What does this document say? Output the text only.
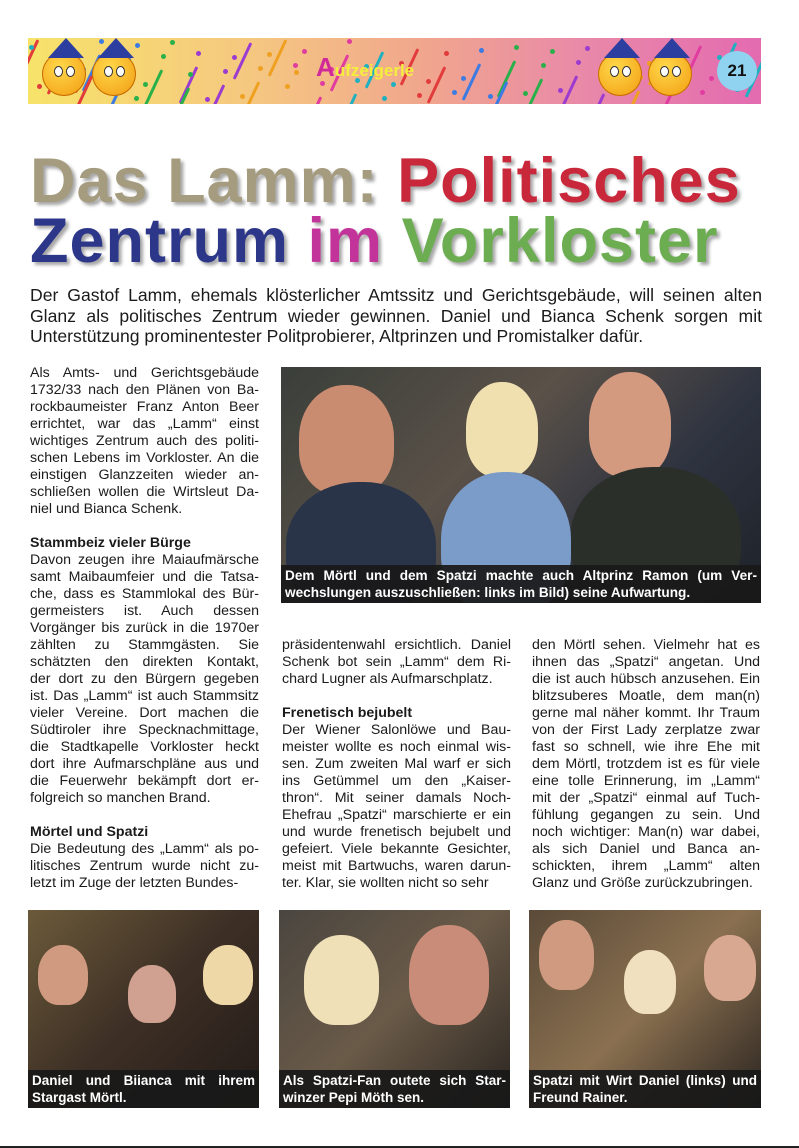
Aufzeigerle	21
Das Lamm: Politisches
Zentrum im Vorkloster
Der Gastof Lamm, ehemals klösterlicher Amtssitz und Gerichtsgebäude, will seinen alten
Glanz als politisches Zentrum wieder gewinnen. Daniel und Bianca Schenk sorgen mit
Unterstützung prominentester Politprobierer, Altprinzen und Promistalker dafür.
Als Amts- und Gerichtsgebäude
1732/33 nach den Plänen von Ba-
rockbaumeister Franz Anton Beer
errichtet, war das „Lamm“ einst
wichtiges Zentrum auch des politi-
schen Lebens im Vorkloster. An die
einstigen Glanzzeiten wieder an-
schließen wollen die Wirtsleut Da-
niel und Bianca Schenk.
Stammbeiz vieler Bürge
Davon zeugen ihre Maiaufmärsche
samt Maibaumfeier und die Tatsa-
che, dass es Stammlokal des Bür-
germeisters ist. Auch dessen
Vorgänger bis zurück in die 1970er
zählten zu Stammgästen. Sie
schätzten den direkten Kontakt,
der dort zu den Bürgern gegeben
ist. Das „Lamm“ ist auch Stammsitz
vieler Vereine. Dort machen die
Südtiroler ihre Specknachmittage,
die Stadtkapelle Vorkloster heckt
dort ihre Aufmarschpläne aus und
die Feuerwehr bekämpft dort er-
folgreich so manchen Brand.
Mörtel und Spatzi
Die Bedeutung des „Lamm“ als po-
litisches Zentrum wurde nicht zu-
letzt im Zuge der letzten Bundes-
präsidentenwahl ersichtlich. Daniel
Schenk bot sein „Lamm“ dem Ri-
chard Lugner als Aufmarschplatz.
Frenetisch bejubelt
Der Wiener Salonlöwe und Bau-
meister wollte es noch einmal wis-
sen. Zum zweiten Mal warf er sich
ins Getümmel um den „Kaiser-
thron“. Mit seiner damals Noch-
Ehefrau „Spatzi“ marschierte er ein
und wurde frenetisch bejubelt und
gefeiert. Viele bekannte Gesichter,
meist mit Bartwuchs, waren darun-
ter. Klar, sie wollten nicht so sehr
den Mörtl sehen. Vielmehr hat es
ihnen das „Spatzi“ angetan. Und
die ist auch hübsch anzusehen. Ein
blitzsuberes Moatle, dem man(n)
gerne mal näher kommt. Ihr Traum
von der First Lady zerplatze zwar
fast so schnell, wie ihre Ehe mit
dem Mörtl, trotzdem ist es für viele
eine tolle Erinnerung, im „Lamm“
mit der „Spatzi“ einmal auf Tuch-
fühlung gegangen zu sein. Und
noch wichtiger: Man(n) war dabei,
als sich Daniel und Banca an-
schickten, ihrem „Lamm“ alten
Glanz und Größe zurückzubringen.
Dem Mörtl und dem Spatzi machte auch Altprinz Ramon (um Ver-
wechslungen auszuschließen: links im Bild) seine Aufwartung.
Daniel und Biianca mit ihrem
Stargast Mörtl.
Als Spatzi-Fan outete sich Star-
winzer Pepi Möth sen.
Spatzi mit Wirt Daniel (links) und
Freund Rainer.
